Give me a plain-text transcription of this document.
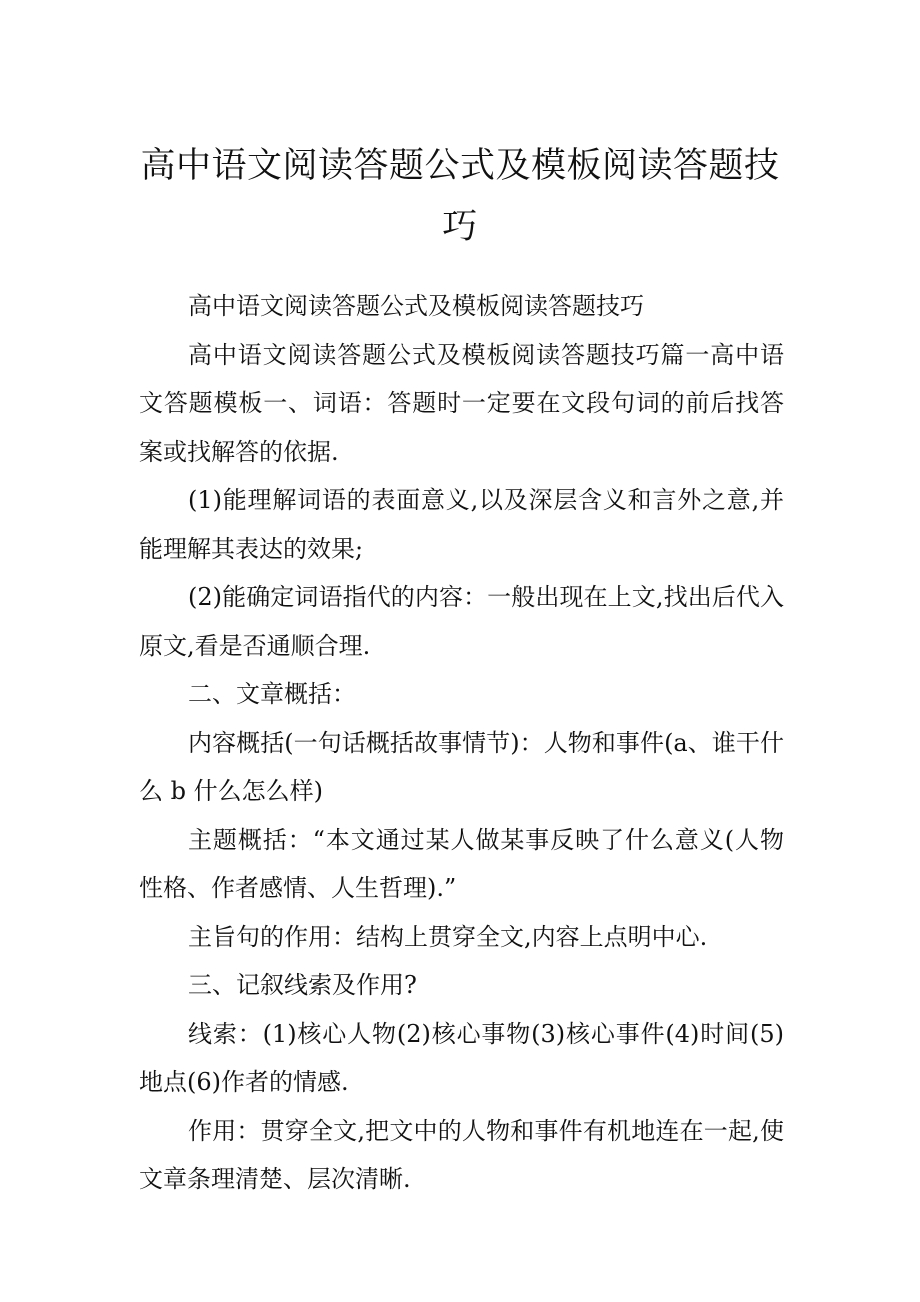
高中语文阅读答题公式及模板阅读答题技巧

高中语文阅读答题公式及模板阅读答题技巧

高中语文阅读答题公式及模板阅读答题技巧篇一高中语文答题模板一、词语：答题时一定要在文段句词的前后找答案或找解答的依据.

(1)能理解词语的表面意义,以及深层含义和言外之意,并能理解其表达的效果;

(2)能确定词语指代的内容：一般出现在上文,找出后代入原文,看是否通顺合理.

二、文章概括：

内容概括(一句话概括故事情节)：人物和事件(a、谁干什么 b 什么怎么样)

主题概括：“本文通过某人做某事反映了什么意义(人物性格、作者感情、人生哲理).”

主旨句的作用：结构上贯穿全文,内容上点明中心.

三、记叙线索及作用?

线索：(1)核心人物(2)核心事物(3)核心事件(4)时间(5)地点(6)作者的情感.

作用：贯穿全文,把文中的人物和事件有机地连在一起,使文章条理清楚、层次清晰.
